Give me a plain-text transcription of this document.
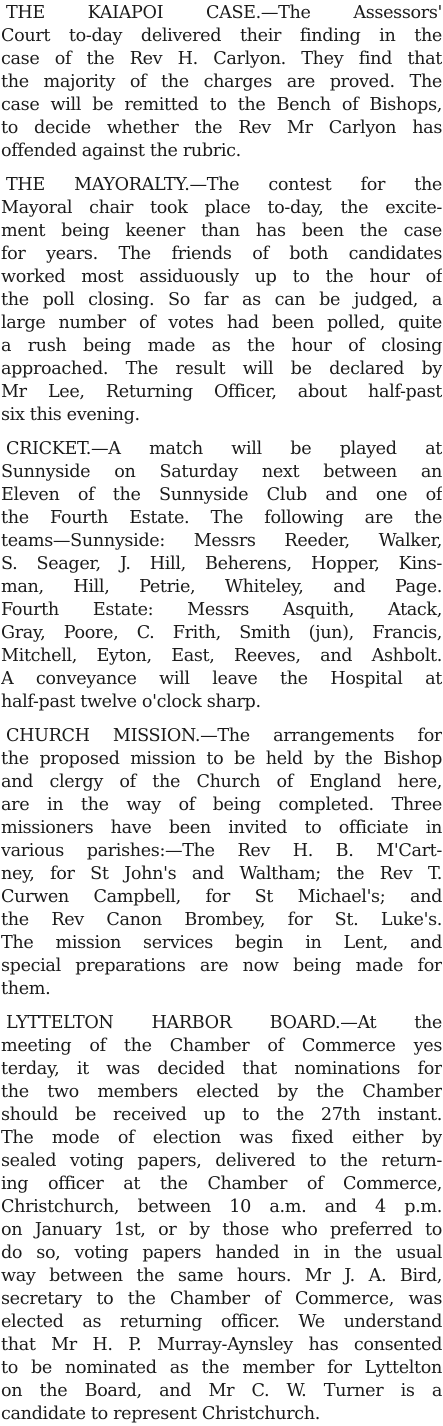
THE KAIAPOI CASE.—The Assessors'
Court to-day delivered their finding in the
case of the Rev H. Carlyon. They find that
the majority of the charges are proved. The
case will be remitted to the Bench of Bishops,
to decide whether the Rev Mr Carlyon has
offended against the rubric.
THE MAYORALTY.—The contest for the
Mayoral chair took place to-day, the excite-
ment being keener than has been the case
for years. The friends of both candidates
worked most assiduously up to the hour of
the poll closing. So far as can be judged, a
large number of votes had been polled, quite
a rush being made as the hour of closing
approached. The result will be declared by
Mr Lee, Returning Officer, about half-past
six this evening.
CRICKET.—A match will be played at
Sunnyside on Saturday next between an
Eleven of the Sunnyside Club and one of
the Fourth Estate. The following are the
teams—Sunnyside: Messrs Reeder, Walker,
S. Seager, J. Hill, Beherens, Hopper, Kins-
man, Hill, Petrie, Whiteley, and Page.
Fourth Estate: Messrs Asquith, Atack,
Gray, Poore, C. Frith, Smith (jun), Francis,
Mitchell, Eyton, East, Reeves, and Ashbolt.
A conveyance will leave the Hospital at
half-past twelve o'clock sharp.
CHURCH MISSION.—The arrangements for
the proposed mission to be held by the Bishop
and clergy of the Church of England here,
are in the way of being completed. Three
missioners have been invited to officiate in
various parishes:—The Rev H. B. M'Cart-
ney, for St John's and Waltham; the Rev T.
Curwen Campbell, for St Michael's; and
the Rev Canon Brombey, for St. Luke's.
The mission services begin in Lent, and
special preparations are now being made for
them.
LYTTELTON HARBOR BOARD.—At the
meeting of the Chamber of Commerce yes
terday, it was decided that nominations for
the two members elected by the Chamber
should be received up to the 27th instant.
The mode of election was fixed either by
sealed voting papers, delivered to the return-
ing officer at the Chamber of Commerce,
Christchurch, between 10 a.m. and 4 p.m.
on January 1st, or by those who preferred to
do so, voting papers handed in in the usual
way between the same hours. Mr J. A. Bird,
secretary to the Chamber of Commerce, was
elected as returning officer. We understand
that Mr H. P. Murray-Aynsley has consented
to be nominated as the member for Lyttelton
on the Board, and Mr C. W. Turner is a
candidate to represent Christchurch.
